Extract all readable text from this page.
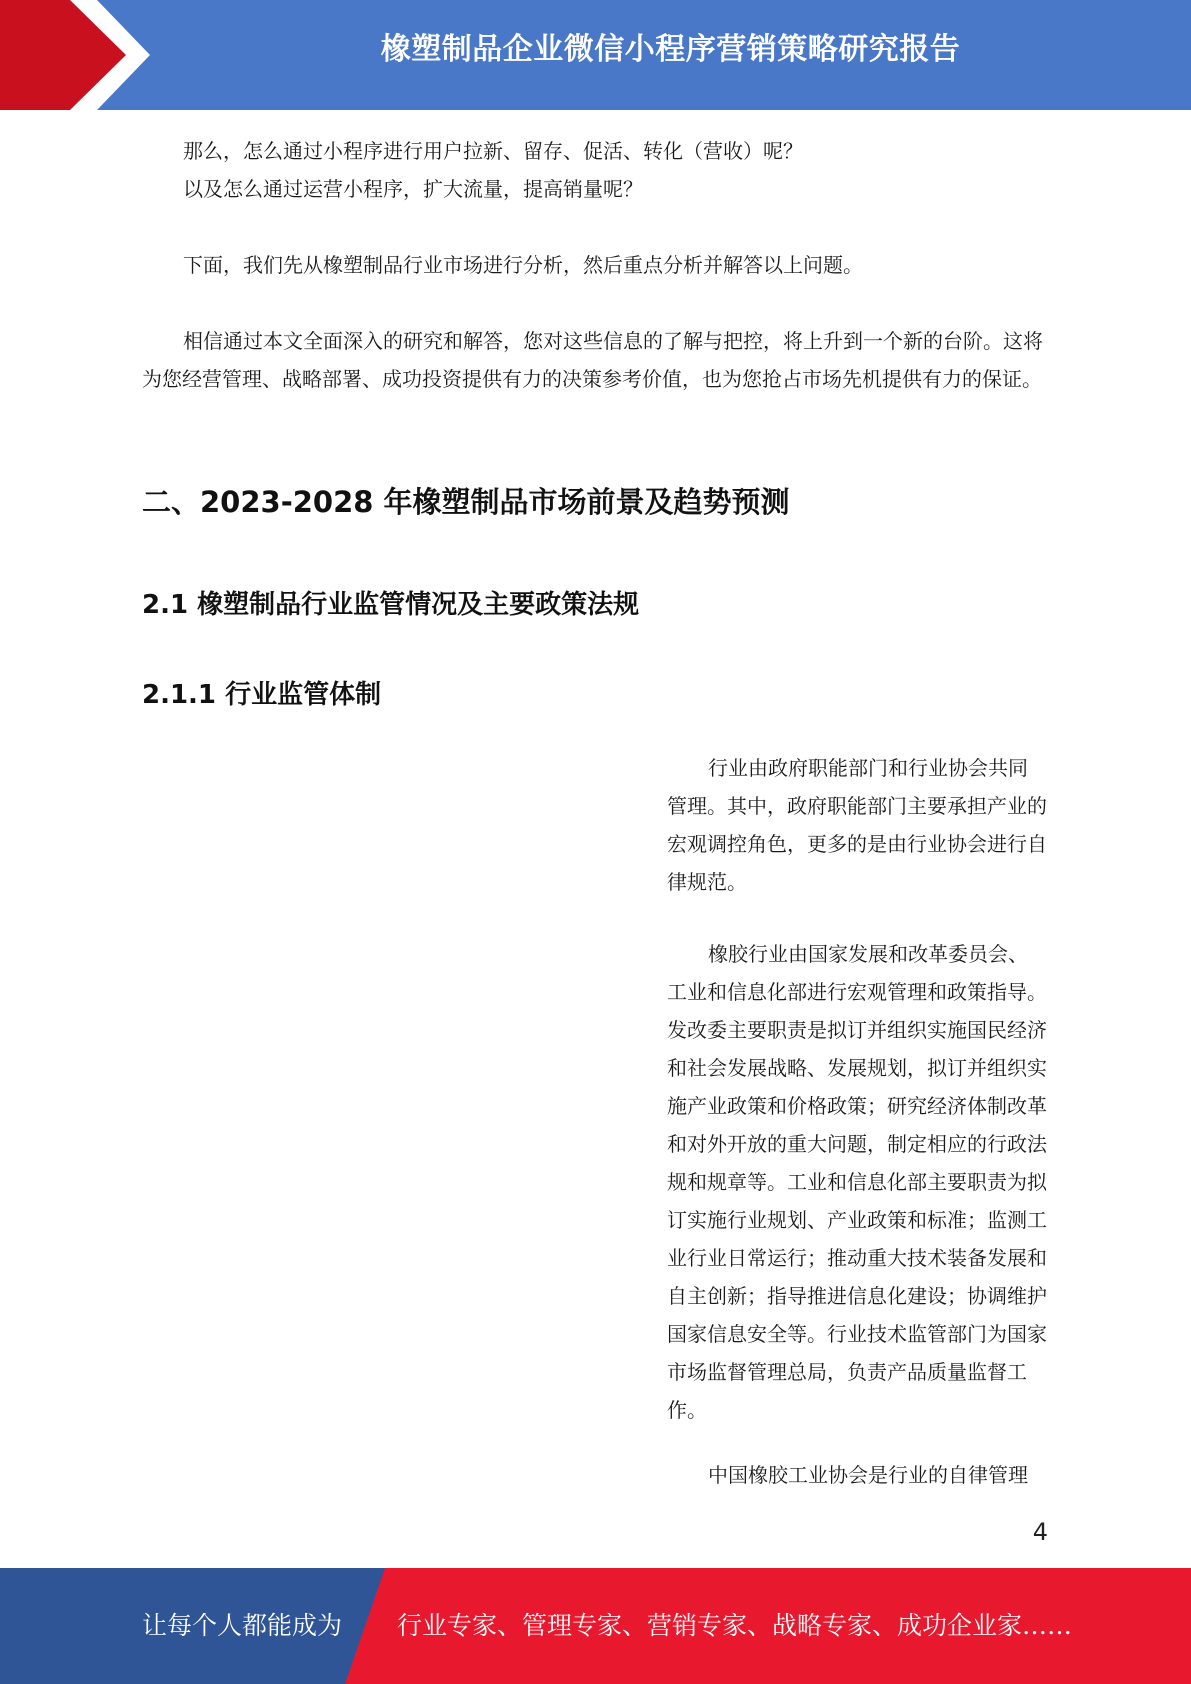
橡塑制品企业微信小程序营销策略研究报告

那么，怎么通过小程序进行用户拉新、留存、促活、转化（营收）呢？

以及怎么通过运营小程序，扩大流量，提高销量呢？

下面，我们先从橡塑制品行业市场进行分析，然后重点分析并解答以上问题。

相信通过本文全面深入的研究和解答，您对这些信息的了解与把控，将上升到一个新的台阶。这将为您经营管理、战略部署、成功投资提供有力的决策参考价值，也为您抢占市场先机提供有力的保证。

二、2023-2028 年橡塑制品市场前景及趋势预测
2.1 橡塑制品行业监管情况及主要政策法规
2.1.1 行业监管体制

行业由政府职能部门和行业协会共同管理。其中，政府职能部门主要承担产业的宏观调控角色，更多的是由行业协会进行自律规范。

橡胶行业由国家发展和改革委员会、工业和信息化部进行宏观管理和政策指导。发改委主要职责是拟订并组织实施国民经济和社会发展战略、发展规划，拟订并组织实施产业政策和价格政策；研究经济体制改革和对外开放的重大问题，制定相应的行政法规和规章等。工业和信息化部主要职责为拟订实施行业规划、产业政策和标准；监测工业行业日常运行；推动重大技术装备发展和自主创新；指导推进信息化建设；协调维护国家信息安全等。行业技术监管部门为国家市场监督管理总局，负责产品质量监督工作。

中国橡胶工业协会是行业的自律管理

4
让每个人都能成为 行业专家、管理专家、营销专家、战略专家、成功企业家……
